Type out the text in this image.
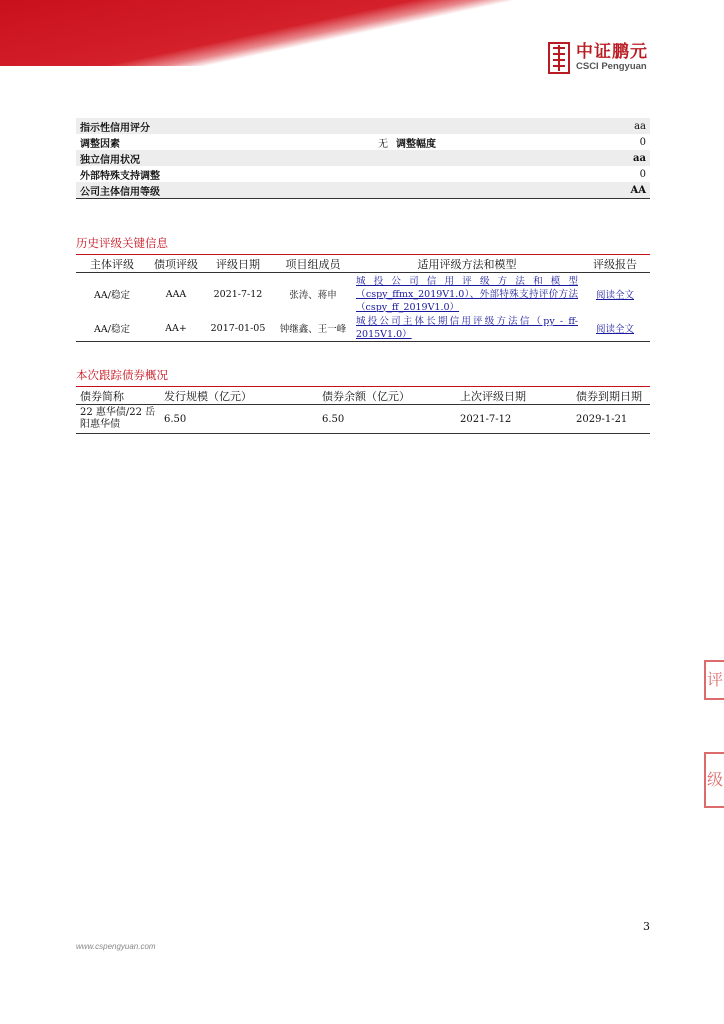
中证鹏元
CSCI Pengyuan
指示性信用评分			aa
调整因素	无	调整幅度	0
独立信用状况			aa
外部特殊支持调整			0
公司主体信用等级			AA
历史评级关键信息
主体评级	债项评级	评级日期	项目组成员	适用评级方法和模型	评级报告
AA/稳定	AAA	2021-7-12	张涛、蒋申	城投公司信用评级方法和模型（cspy_ffmx_2019V1.0）、外部特殊支持评价方法（cspy_ff_2019V1.0）	阅读全文
AA/稳定	AA+	2017-01-05	钟继鑫、王一峰	城投公司主体长期信用评级方法信（py - ff-2015V1.0）	阅读全文
本次跟踪债券概况
债券简称	发行规模（亿元）	债券余额（亿元）	上次评级日期	债券到期日期
22 惠华债/22 岳阳惠华债	6.50	6.50	2021-7-12	2029-1-21
评
级
3
www.cspengyuan.com
